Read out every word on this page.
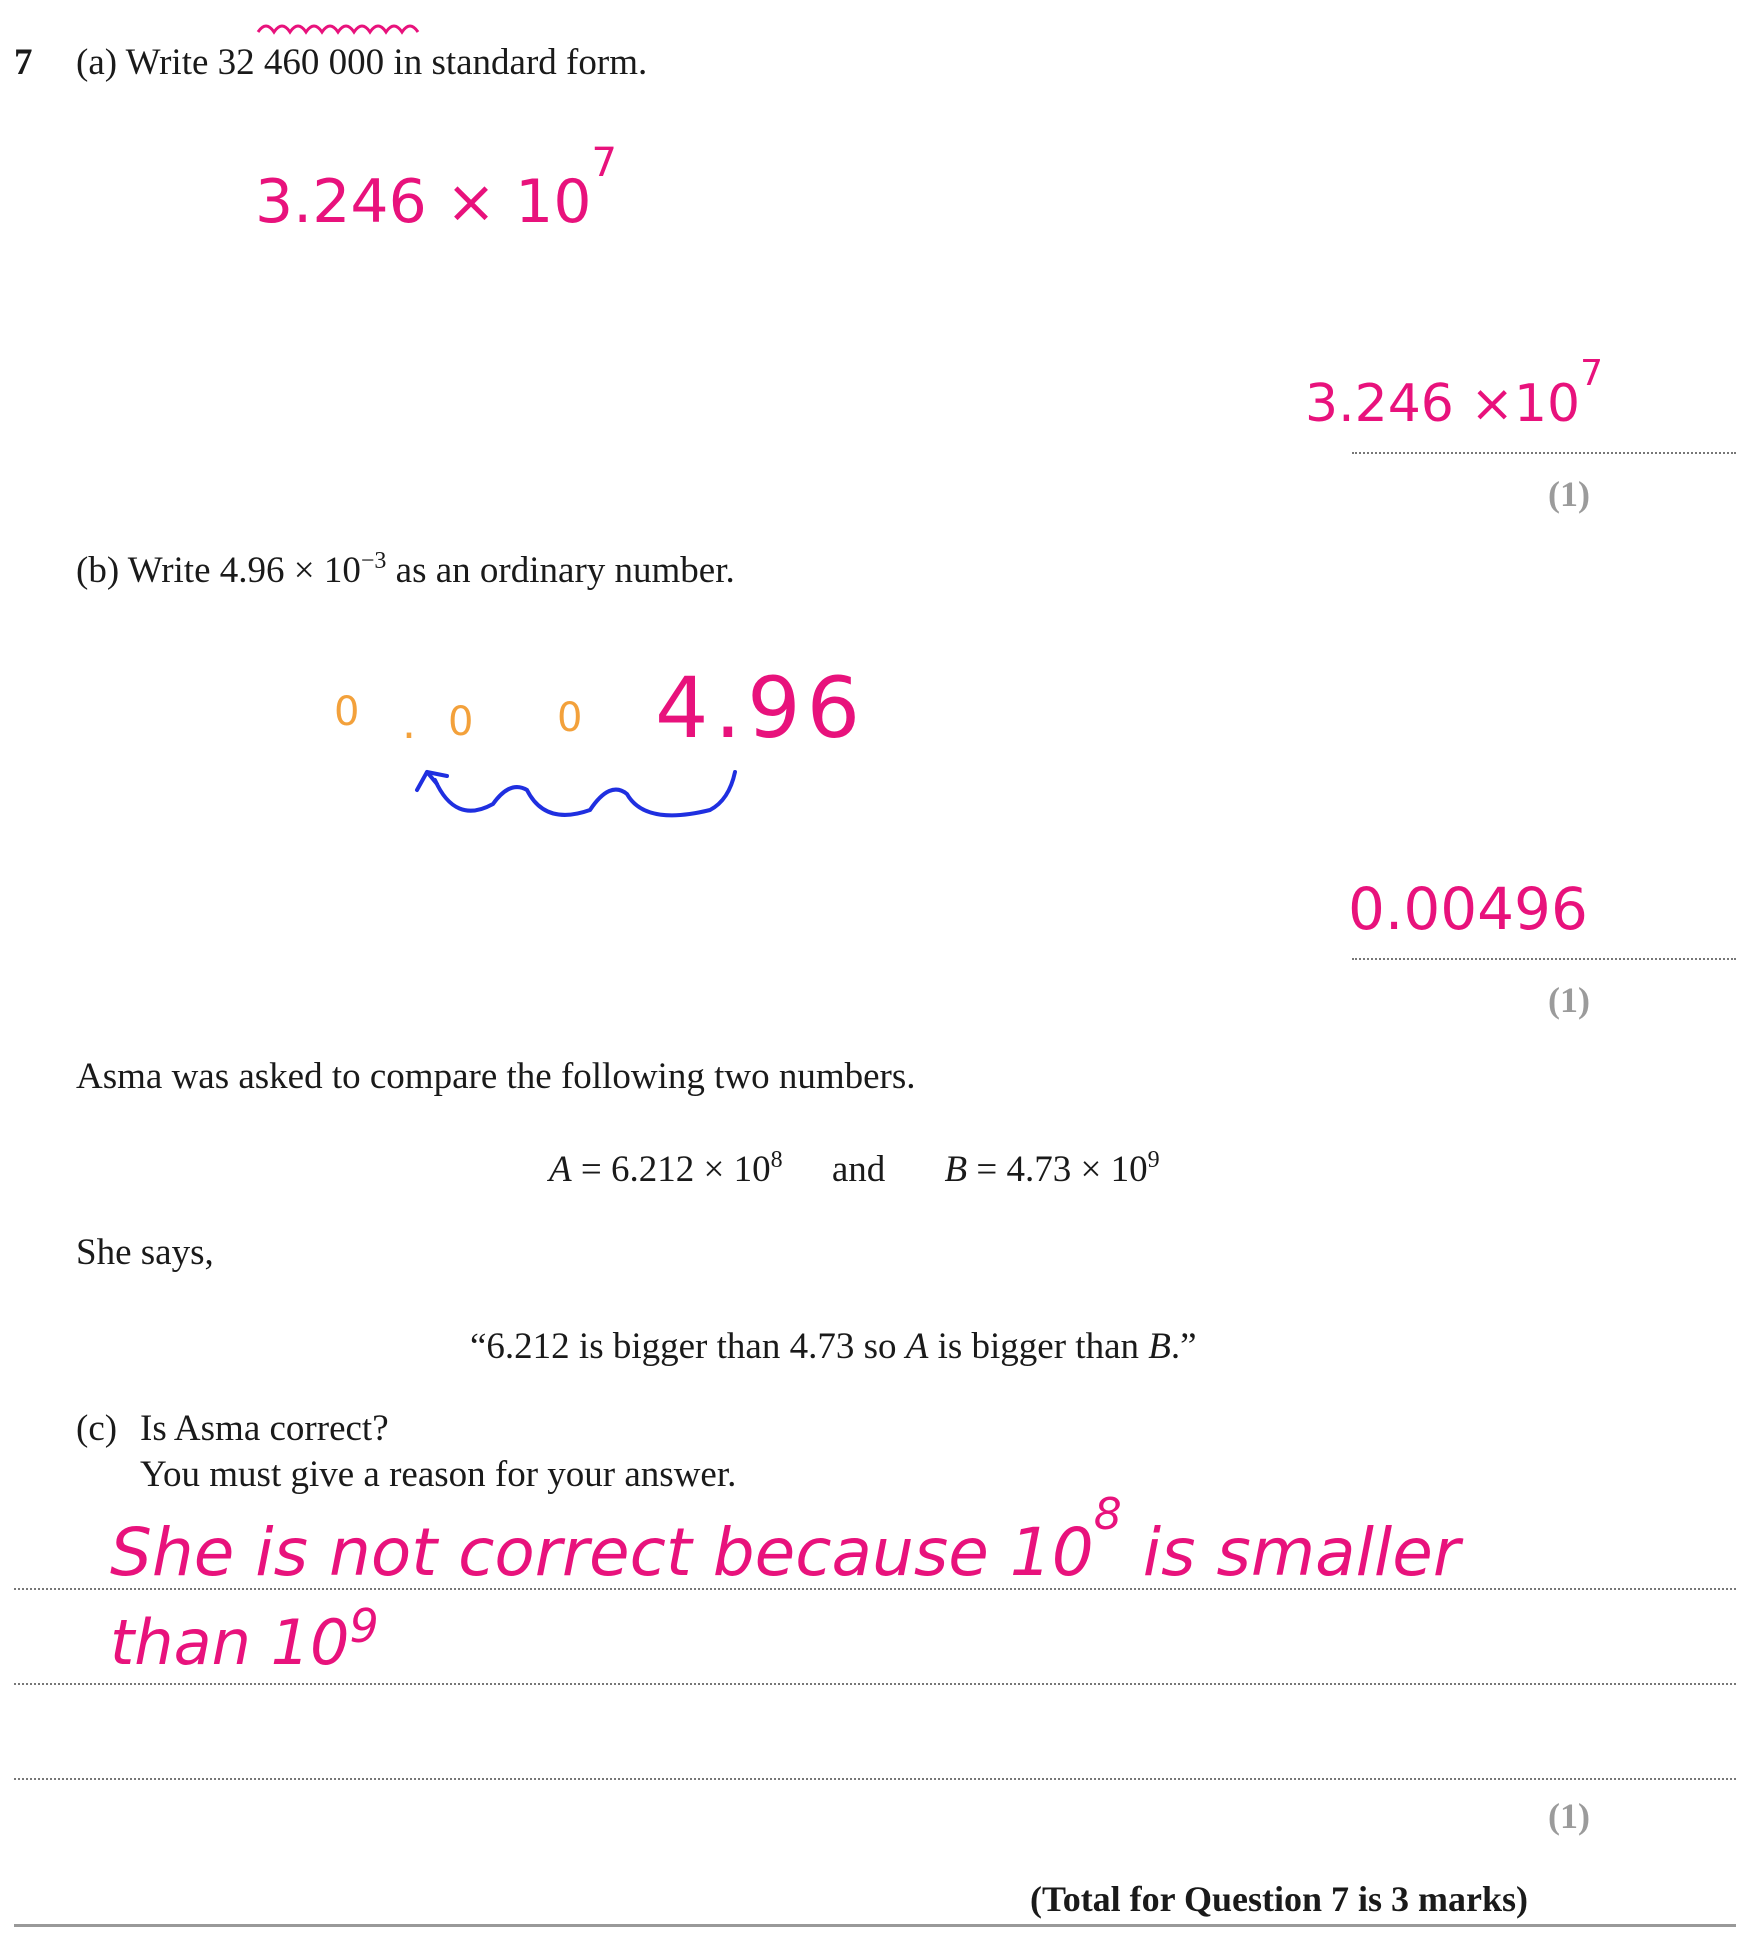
7 (a) Write 32 460 000 in standard form.
$3.246 \times 10^7$
$3.246 \times 10^7$
(1)
(b) Write $4.96 \times 10^{-3}$ as an ordinary number.
0 . 0 0 4.96
0.00496
(1)
Asma was asked to compare the following two numbers.
$A = 6.212 \times 10^8$ and $B = 4.73 \times 10^9$
She says,
“6.212 is bigger than 4.73 so A is bigger than B.”
(c) Is Asma correct?
You must give a reason for your answer.
She is not correct because $10^8$ is smaller
than $10^9$
(1)
(Total for Question 7 is 3 marks)
